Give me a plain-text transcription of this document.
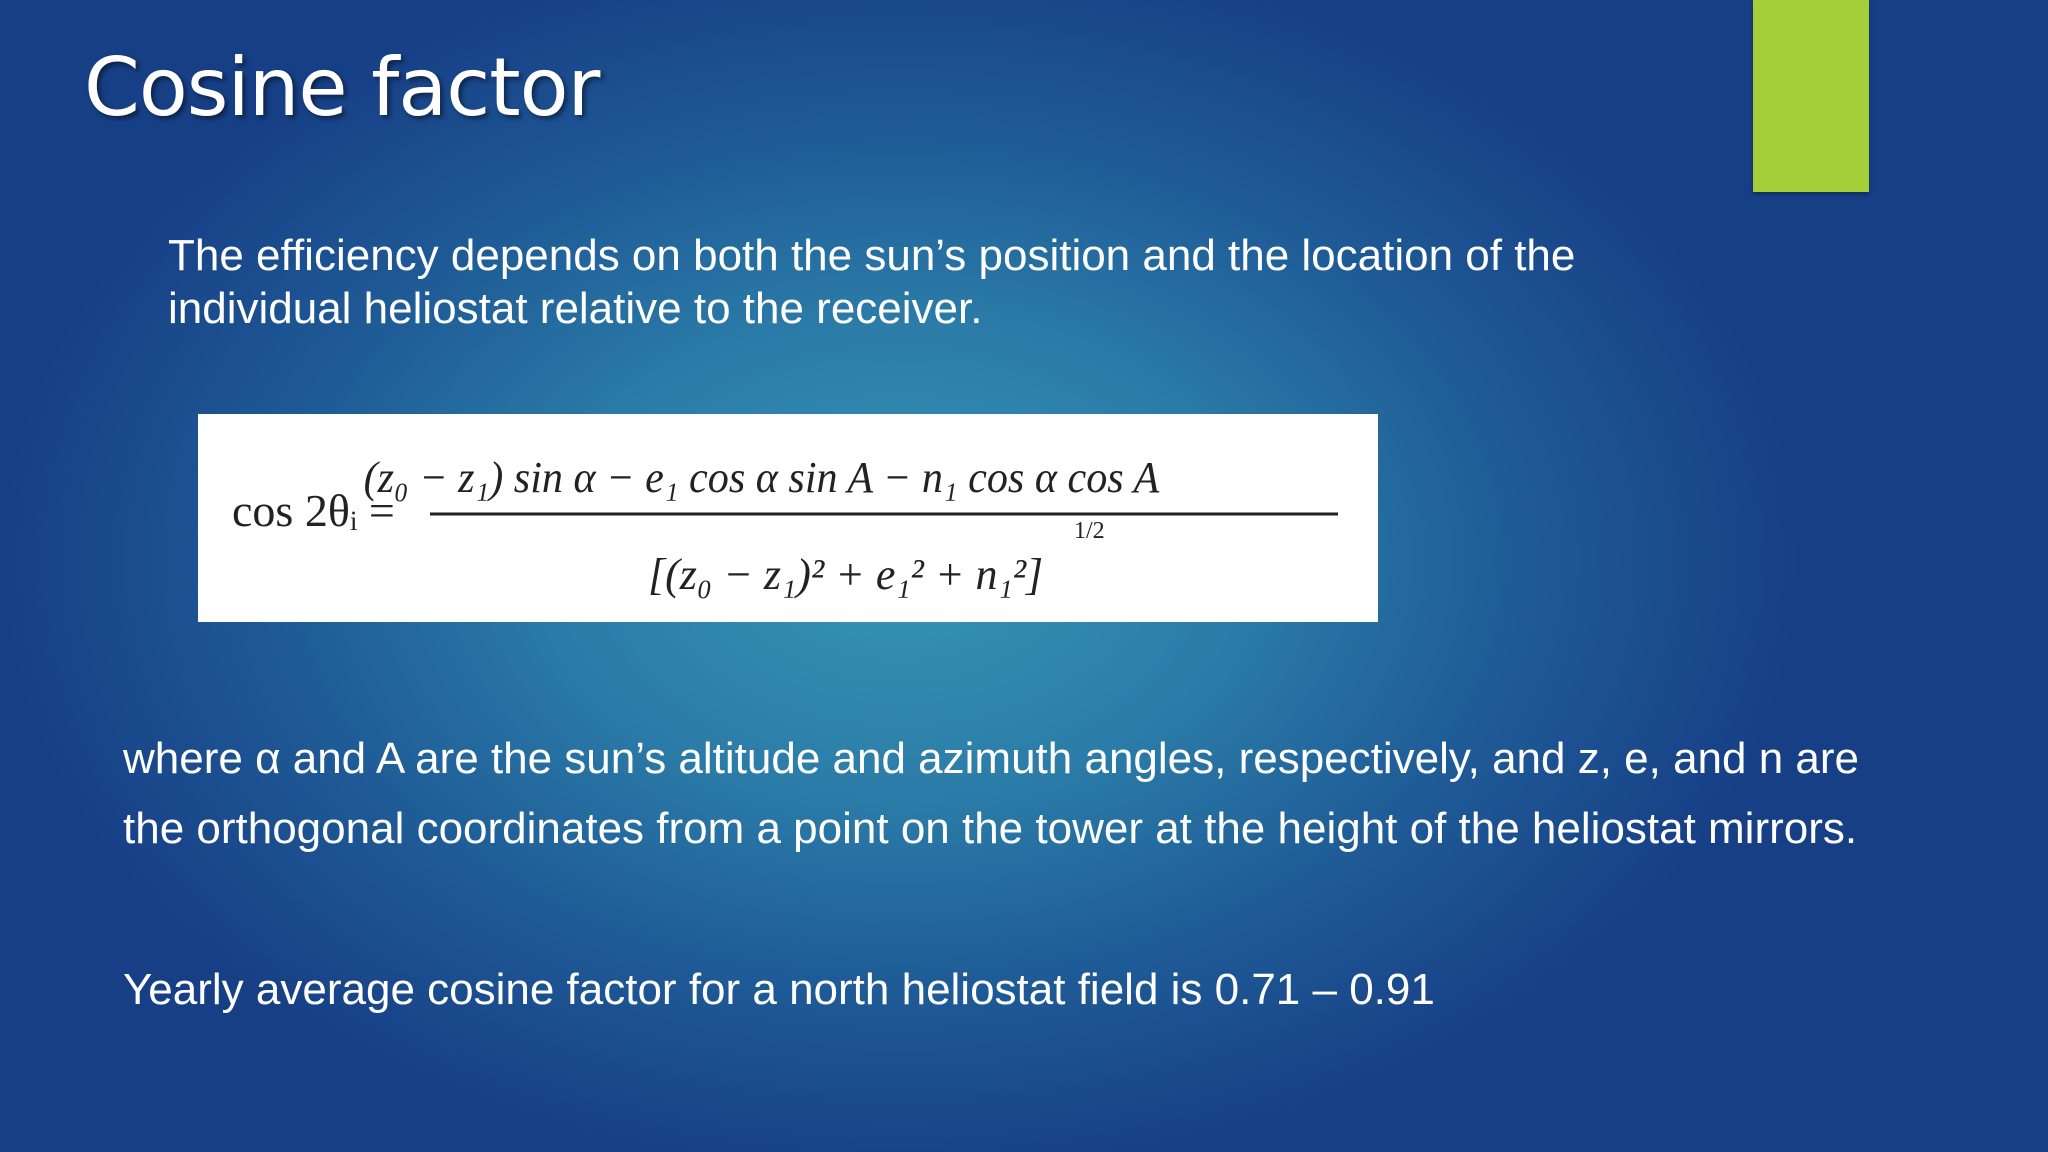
Cosine factor

The efficiency depends on both the sun’s position and the location of the individual heliostat relative to the receiver.

cos 2θᵢ =
(z₀ − z₁) sin α − e₁ cos α sin A − n₁ cos α cos A
[(z₀ − z₁)² + e₁² + n₁²]
1/2

where α and A are the sun’s altitude and azimuth angles, respectively, and z, e, and n are the orthogonal coordinates from a point on the tower at the height of the heliostat mirrors.

Yearly average cosine factor for a north heliostat field is 0.71 – 0.91
